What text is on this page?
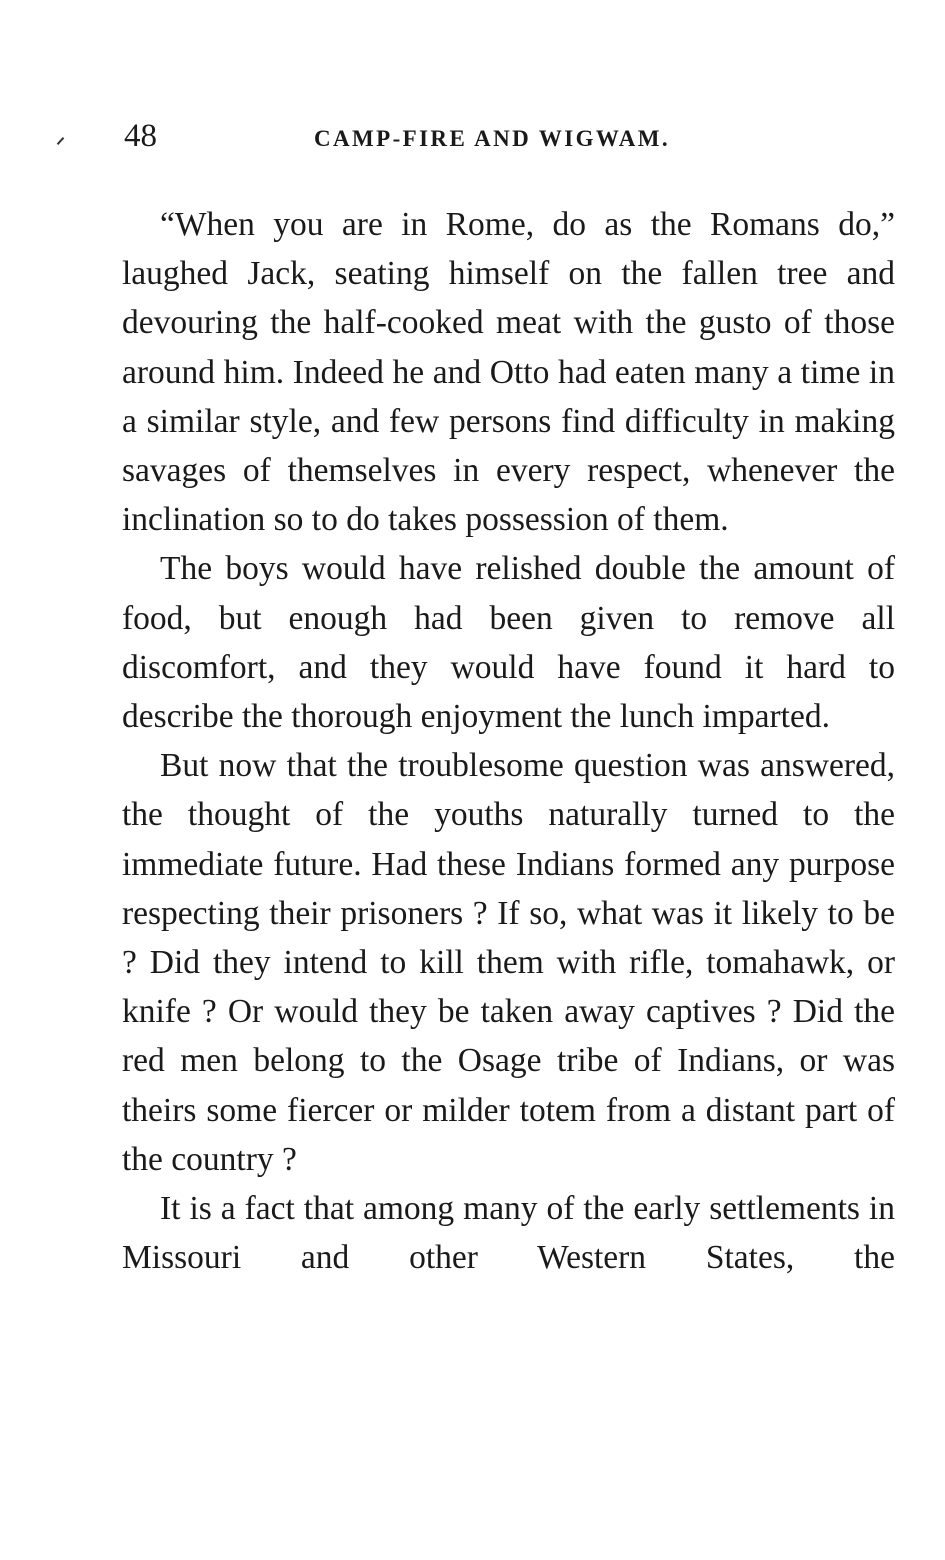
48	CAMP-FIRE AND WIGWAM.

“When you are in Rome, do as the Romans do,” laughed Jack, seating himself on the fallen tree and devouring the half-cooked meat with the gusto of those around him. Indeed he and Otto had eaten many a time in a similar style, and few persons find difficulty in making savages of themselves in every respect, whenever the inclination so to do takes possession of them.

The boys would have relished double the amount of food, but enough had been given to remove all discomfort, and they would have found it hard to describe the thorough enjoyment the lunch imparted.

But now that the troublesome question was answered, the thought of the youths naturally turned to the immediate future. Had these Indians formed any purpose respecting their prisoners ? If so, what was it likely to be ? Did they intend to kill them with rifle, tomahawk, or knife ? Or would they be taken away captives ? Did the red men belong to the Osage tribe of Indians, or was theirs some fiercer or milder totem from a distant part of the country ?

It is a fact that among many of the early settlements in Missouri and other Western States, the
